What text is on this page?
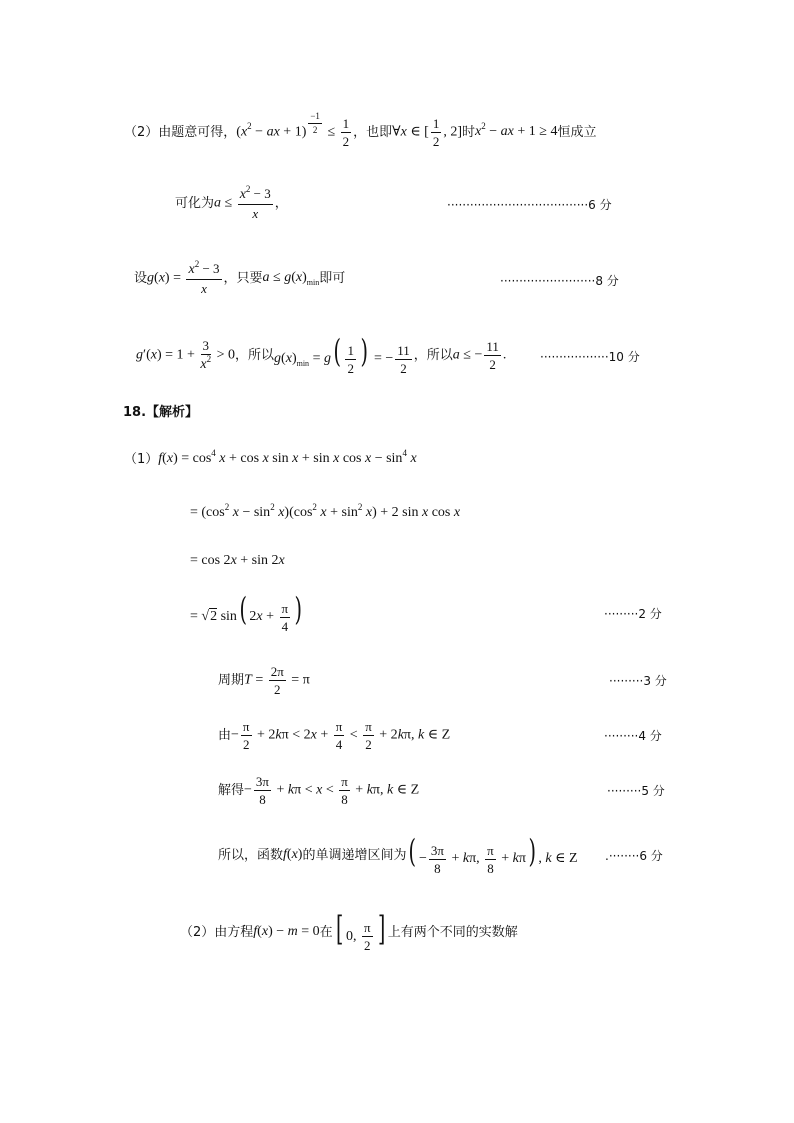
（2）由题意可得， ($x^2$ − ax + $1) \frac{-1}{2} \le \frac{1}{2}$ ，也即 ∀x ∈ [ $\frac{1}{2}$ , 2] 时 $x^2$ − ax + 1 ≥ 4 恒成立
可化为 $a \le \frac{x^2 - 3}{x}$ ，	·····································6 分
设 $g(x) = \frac{x^2 - 3}{x}$ ，只要 $a \le g(x)_{min}$ 即可	·························8 分
$g'(x) = 1 + \frac{3}{x^2} > 0$ ，所以 $g(x)_{min} = g( \frac{1}{2}$ ) = − $\frac{11}{2}$ ，所以 a ≤ − $\frac{11}{2}$ .	··················10 分
18.【解析】
（1） $f(x) = \cos^4 x + \cos x$ sin x + sin x $\cos x - \sin^4 x$
= ($\cos^2$ $x - \sin^2 x)(\cos^2$ $x + \sin^2 x) + 2$ sin x cos x
= cos 2x + sin 2x
= √2 sin( $2x + \frac{\pi}{4}$ )	·········2 分
周期 $T = \frac{2\pi}{2} = \pi$	·········3 分
由 − $\frac{\pi}{2} + 2k\pi < 2x + \frac{\pi}{4} < \frac{\pi}{2} + 2k\pi$, k ∈ Z	·········4 分
解得 − $\frac{3\pi}{8} + k\pi < x < \frac{\pi}{8} + k\pi$, k ∈ Z	·········5 分
所以，函数 f(x) 的单调递增区间为 ( − $\frac{3\pi}{8} + k\pi$, $\frac{\pi}{8} + k\pi$) , k ∈ Z .········6 分
（2）由方程 f(x) − m = 0 在 [ 0, $\frac{\pi}{2}$ ] 上有两个不同的实数解
